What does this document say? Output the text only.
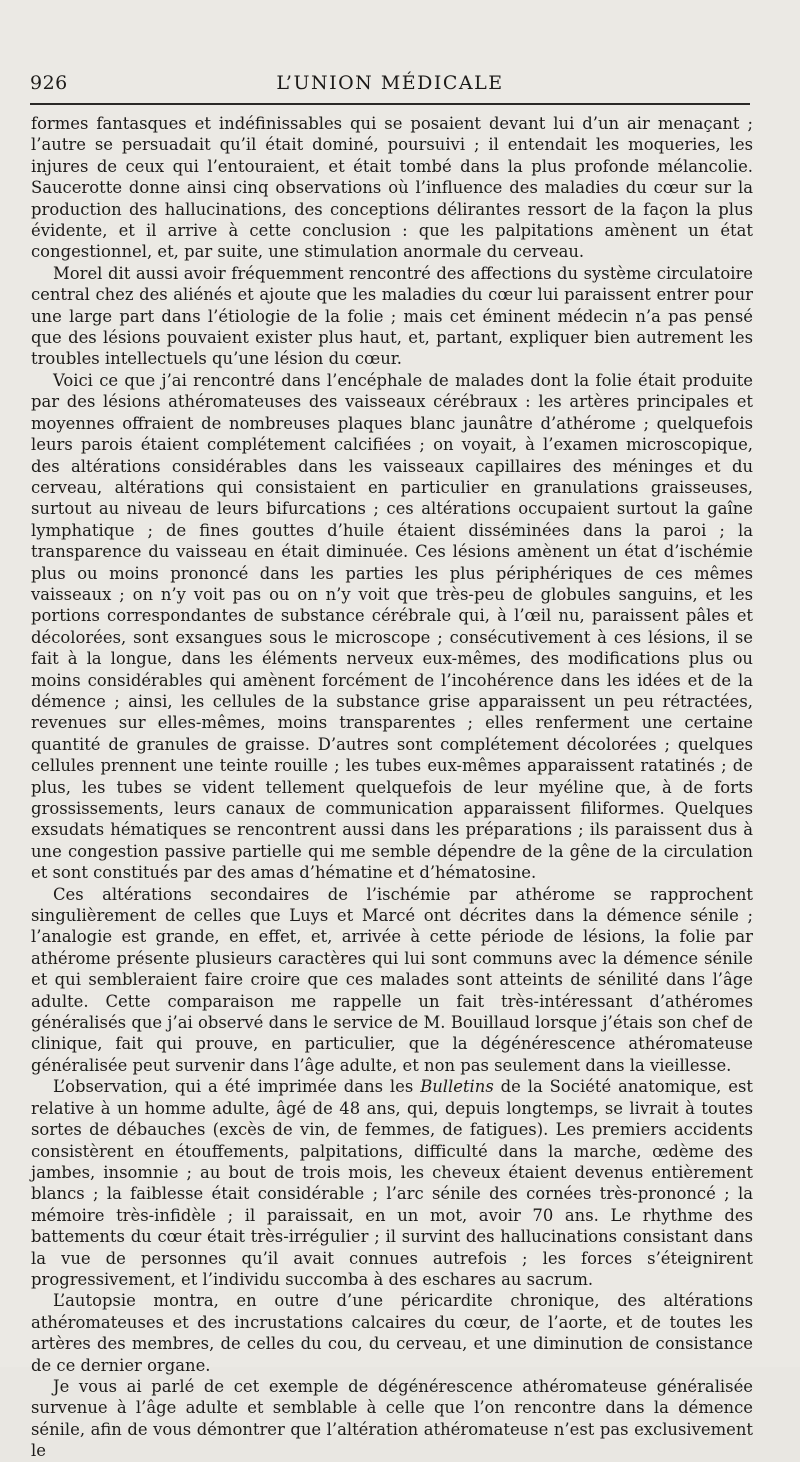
926	L’UNION MÉDICALE

formes fantasques et indéfinissables qui se posaient devant lui d’un air menaçant ; l’autre se persuadait qu’il était dominé, poursuivi ; il entendait les moqueries, les injures de ceux qui l’entouraient, et était tombé dans la plus profonde mélancolie. Saucerotte donne ainsi cinq observations où l’influence des maladies du cœur sur la production des hallucinations, des conceptions délirantes ressort de la façon la plus évidente, et il arrive à cette conclusion : que les palpitations amènent un état congestionnel, et, par suite, une stimulation anormale du cerveau.

Morel dit aussi avoir fréquemment rencontré des affections du système circulatoire central chez des aliénés et ajoute que les maladies du cœur lui paraissent entrer pour une large part dans l’étiologie de la folie ; mais cet éminent médecin n’a pas pensé que des lésions pouvaient exister plus haut, et, partant, expliquer bien autrement les troubles intellectuels qu’une lésion du cœur.

Voici ce que j’ai rencontré dans l’encéphale de malades dont la folie était produite par des lésions athéromateuses des vaisseaux cérébraux : les artères principales et moyennes offraient de nombreuses plaques blanc jaunâtre d’athérome ; quelquefois leurs parois étaient complétement calcifiées ; on voyait, à l’examen microscopique, des altérations considérables dans les vaisseaux capillaires des méninges et du cerveau, altérations qui consistaient en particulier en granulations graisseuses, surtout au niveau de leurs bifurcations ; ces altérations occupaient surtout la gaîne lymphatique ; de fines gouttes d’huile étaient disséminées dans la paroi ; la transparence du vaisseau en était diminuée. Ces lésions amènent un état d’ischémie plus ou moins prononcé dans les parties les plus périphériques de ces mêmes vaisseaux ; on n’y voit pas ou on n’y voit que très-peu de globules sanguins, et les portions correspondantes de substance cérébrale qui, à l’œil nu, paraissent pâles et décolorées, sont exsangues sous le microscope ; consécutivement à ces lésions, il se fait à la longue, dans les éléments nerveux eux-mêmes, des modifications plus ou moins considérables qui amènent forcément de l’incohérence dans les idées et de la démence ; ainsi, les cellules de la substance grise apparaissent un peu rétractées, revenues sur elles-mêmes, moins transparentes ; elles renferment une certaine quantité de granules de graisse. D’autres sont complétement décolorées ; quelques cellules prennent une teinte rouille ; les tubes eux-mêmes apparaissent ratatinés ; de plus, les tubes se vident tellement quelquefois de leur myéline que, à de forts grossissements, leurs canaux de communication apparaissent filiformes. Quelques exsudats hématiques se rencontrent aussi dans les préparations ; ils paraissent dus à une congestion passive partielle qui me semble dépendre de la gêne de la circulation et sont constitués par des amas d’hématine et d’hématosine.

Ces altérations secondaires de l’ischémie par athérome se rapprochent singulièrement de celles que Luys et Marcé ont décrites dans la démence sénile ; l’analogie est grande, en effet, et, arrivée à cette période de lésions, la folie par athérome présente plusieurs caractères qui lui sont communs avec la démence sénile et qui sembleraient faire croire que ces malades sont atteints de sénilité dans l’âge adulte. Cette comparaison me rappelle un fait très-intéressant d’athéromes généralisés que j’ai observé dans le service de M. Bouillaud lorsque j’étais son chef de clinique, fait qui prouve, en particulier, que la dégénérescence athéromateuse généralisée peut survenir dans l’âge adulte, et non pas seulement dans la vieillesse.

L’observation, qui a été imprimée dans les Bulletins de la Société anatomique, est relative à un homme adulte, âgé de 48 ans, qui, depuis longtemps, se livrait à toutes sortes de débauches (excès de vin, de femmes, de fatigues). Les premiers accidents consistèrent en étouffements, palpitations, difficulté dans la marche, œdème des jambes, insomnie ; au bout de trois mois, les cheveux étaient devenus entièrement blancs ; la faiblesse était considérable ; l’arc sénile des cornées très-prononcé ; la mémoire très-infidèle ; il paraissait, en un mot, avoir 70 ans. Le rhythme des battements du cœur était très-irrégulier ; il survint des hallucinations consistant dans la vue de personnes qu’il avait connues autrefois ; les forces s’éteignirent progressivement, et l’individu succomba à des eschares au sacrum.

L’autopsie montra, en outre d’une péricardite chronique, des altérations athéromateuses et des incrustations calcaires du cœur, de l’aorte, et de toutes les artères des membres, de celles du cou, du cerveau, et une diminution de consistance de ce dernier organe.

Je vous ai parlé de cet exemple de dégénérescence athéromateuse généralisée survenue à l’âge adulte et semblable à celle que l’on rencontre dans la démence sénile, afin de vous démontrer que l’altération athéromateuse n’est pas exclusivement le
